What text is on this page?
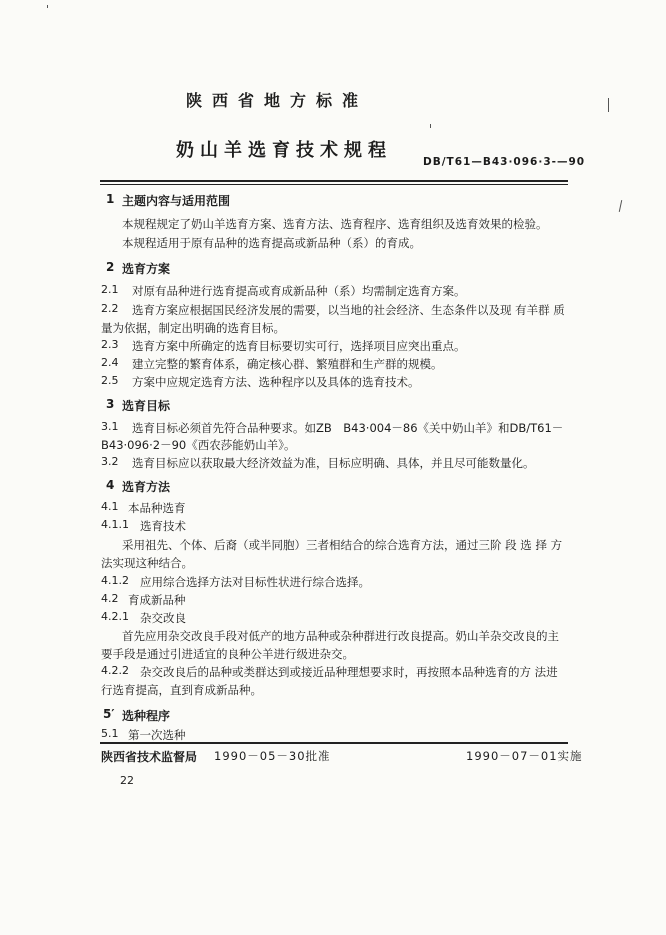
陕西省地方标准
奶山羊选育技术规程
DB/T61—B43·096·3-—90
1 主题内容与适用范围
本规程规定了奶山羊选育方案、选育方法、选育程序、选育组织及选育效果的检验。
本规程适用于原有品种的选育提高或新品种（系）的育成。
2 选育方案
2.1 对原有品种进行选育提高或育成新品种（系）均需制定选育方案。
2.2 选育方案应根据国民经济发展的需要，以当地的社会经济、生态条件以及现 有羊群 质
量为依据，制定出明确的选育目标。
2.3 选育方案中所确定的选育目标要切实可行，选择项目应突出重点。
2.4 建立完整的繁育体系，确定核心群、繁殖群和生产群的规模。
2.5 方案中应规定选育方法、选种程序以及具体的选育技术。
3 选育目标
3.1 选育目标必须首先符合品种要求。如ZB　B43·004－86《关中奶山羊》和DB/T61－
B43·096·2－90《西农莎能奶山羊》。
3.2 选育目标应以获取最大经济效益为准，目标应明确、具体，并且尽可能数量化。
4 选育方法
4.1 本品种选育
4.1.1 选育技术
采用祖先、个体、后裔（或半同胞）三者相结合的综合选育方法，通过三阶 段 选 择 方
法实现这种结合。
4.1.2 应用综合选择方法对目标性状进行综合选择。
4.2 育成新品种
4.2.1 杂交改良
首先应用杂交改良手段对低产的地方品种或杂种群进行改良提高。奶山羊杂交改良的主
要手段是通过引进适宜的良种公羊进行级进杂交。
4.2.2 杂交改良后的品种或类群达到或接近品种理想要求时，再按照本品种选育的方 法进
行选育提高，直到育成新品种。
5′ 选种程序
5.1 第一次选种
陕西省技术监督局 1990－05－30批准	1990－07－01实施
22
